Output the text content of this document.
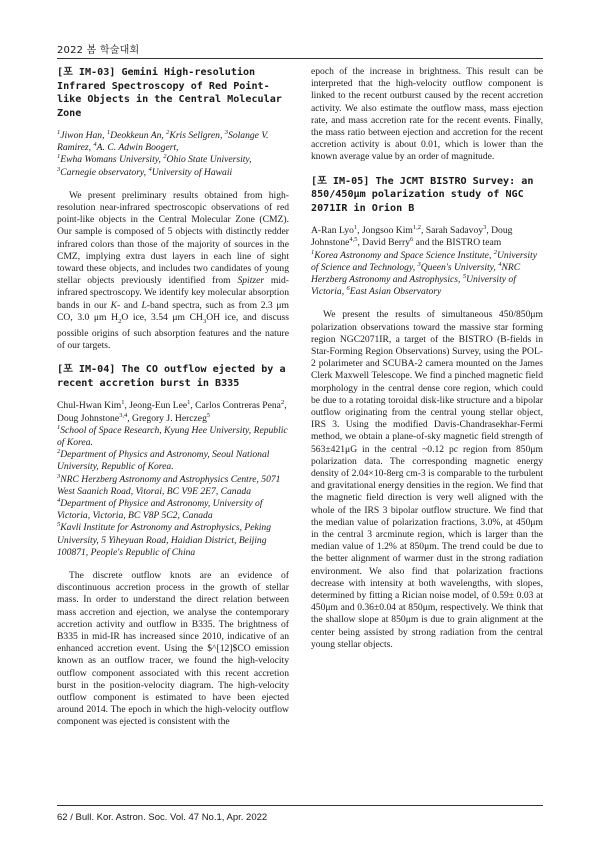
2022 봄 학술대회
[포 IM-03] Gemini High-resolution Infrared Spectroscopy of Red Point-like Objects in the Central Molecular Zone
$^1$Jiwon Han, $^1$Deokkeun An, $^2$Kris Sellgren, $^3$Solange V. Ramirez, $^4$A. C. Adwin Boogert,
$^1$Ewha Womans University, $^2$Ohio State University, $^3$Carnegie observatory, $^4$University of Hawaii
We present preliminary results obtained from high-resolution near-infrared spectroscopic observations of red point-like objects in the Central Molecular Zone (CMZ). Our sample is composed of 5 objects with distinctly redder infrared colors than those of the majority of sources in the CMZ, implying extra dust layers in each line of sight toward these objects, and includes two candidates of young stellar objects previously identified from Spitzer mid-infrared spectroscopy. We identify key molecular absorption bands in our K- and L-band spectra, such as from 2.3 μm CO, 3.0 μm $H_2O$ ice, 3.54 μm $CH_3OH$ ice, and discuss possible origins of such absorption features and the nature of our targets.
[포 IM-04] The CO outflow ejected by a recent accretion burst in B335
Chul-Hwan Kim$^1$, Jeong-Eun Lee$^1$, Carlos Contreras Pena$^2$, Doug Johnstone$^{3,4}$, Gregory J. Herczeg$^5$
$^1$School of Space Research, Kyung Hee University, Republic of Korea.
$^2$Department of Physics and Astronomy, Seoul National University, Republic of Korea.
$^3$NRC Herzberg Astronomy and Astrophysics Centre, 5071 West Saanich Road, Vitorai, BC V9E 2E7, Canada
$^4$Department of Physice and Astronomy, University of Victoria, Victoria, BC V8P 5C2, Canada
$^5$Kavli Institute for Astronomy and Astrophysics, Peking University, 5 Yiheyuan Road, Haidian District, Beijing 100871, People's Republic of China
The discrete outflow knots are an evidence of discontinuous accretion process in the growth of stellar mass. In order to understand the direct relation between mass accretion and ejection, we analyse the contemporary accretion activity and outflow in B335. The brightness of B335 in mid-IR has increased since 2010, indicative of an enhanced accretion event. Using the $^[12]$CO emission known as an outflow tracer, we found the high-velocity outflow component associated with this recent accretion burst in the position-velocity diagram. The high-velocity outflow component is estimated to have been ejected around 2014. The epoch in which the high-velocity outflow component was ejected is consistent with the
epoch of the increase in brightness. This result can be interpreted that the high-velocity outflow component is linked to the recent outburst caused by the recent accretion activity. We also estimate the outflow mass, mass ejection rate, and mass accretion rate for the recent events. Finally, the mass ratio between ejection and accretion for the recent accretion activity is about 0.01, which is lower than the known average value by an order of magnitude.
[포 IM-05] The JCMT BISTRO Survey: an 850/450μm polarization study of NGC 2071IR in Orion B
A-Ran Lyo$^1$, Jongsoo Kim$^{1,2}$, Sarah Sadavoy$^3$, Doug Johnstone$^{4,5}$, David Berry$^6$ and the BISTRO team
$^1$Korea Astronomy and Space Science Institute, $^2$University of Science and Technology, $^3$Queen's University, $^4$NRC Herzberg Astronomy and Astrophysics, $^5$University of Victoria, $^6$East Asian Observatory
We present the results of simultaneous 450/850μm polarization observations toward the massive star forming region NGC2071IR, a target of the BISTRO (B-fields in Star-Forming Region Observations) Survey, using the POL-2 polarimeter and SCUBA-2 camera mounted on the James Clerk Maxwell Telescope. We find a pinched magnetic field morphology in the central dense core region, which could be due to a rotating toroidal disk-like structure and a bipolar outflow originating from the central young stellar object, IRS 3. Using the modified Davis-Chandrasekhar-Fermi method, we obtain a plane-of-sky magnetic field strength of 563±421μG in the central ~0.12 pc region from 850μm polarization data. The corresponding magnetic energy density of 2.04×10-8erg cm-3 is comparable to the turbulent and gravitational energy densities in the region. We find that the magnetic field direction is very well aligned with the whole of the IRS 3 bipolar outflow structure. We find that the median value of polarization fractions, 3.0%, at 450μm in the central 3 arcminute region, which is larger than the median value of 1.2% at 850μm. The trend could be due to the better alignment of warmer dust in the strong radiation environment. We also find that polarization fractions decrease with intensity at both wavelengths, with slopes, determined by fitting a Rician noise model, of 0.59± 0.03 at 450μm and 0.36±0.04 at 850μm, respectively. We think that the shallow slope at 850μm is due to grain alignment at the center being assisted by strong radiation from the central young stellar objects.
62 / Bull. Kor. Astron. Soc. Vol. 47 No.1, Apr. 2022
